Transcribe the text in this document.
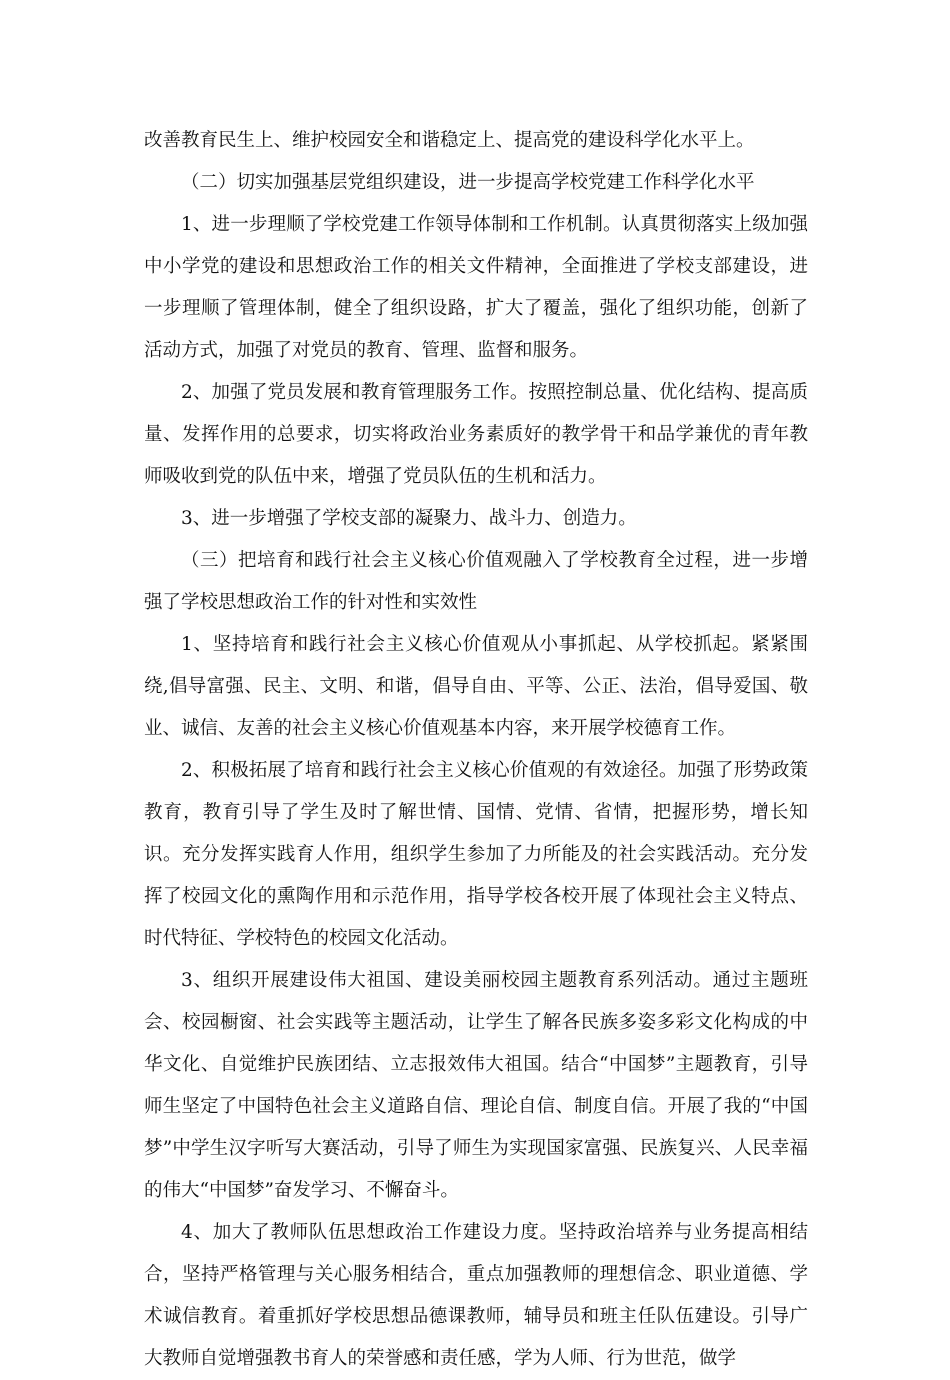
改善教育民生上、维护校园安全和谐稳定上、提高党的建设科学化水平上。

（二）切实加强基层党组织建设，进一步提高学校党建工作科学化水平

1、进一步理顺了学校党建工作领导体制和工作机制。认真贯彻落实上级加强中小学党的建设和思想政治工作的相关文件精神，全面推进了学校支部建设，进一步理顺了管理体制，健全了组织设路，扩大了覆盖，强化了组织功能，创新了活动方式，加强了对党员的教育、管理、监督和服务。

2、加强了党员发展和教育管理服务工作。按照控制总量、优化结构、提高质量、发挥作用的总要求，切实将政治业务素质好的教学骨干和品学兼优的青年教师吸收到党的队伍中来，增强了党员队伍的生机和活力。

3、进一步增强了学校支部的凝聚力、战斗力、创造力。

（三）把培育和践行社会主义核心价值观融入了学校教育全过程，进一步增强了学校思想政治工作的针对性和实效性

1、坚持培育和践行社会主义核心价值观从小事抓起、从学校抓起。紧紧围绕,倡导富强、民主、文明、和谐，倡导自由、平等、公正、法治，倡导爱国、敬业、诚信、友善的社会主义核心价值观基本内容，来开展学校德育工作。

2、积极拓展了培育和践行社会主义核心价值观的有效途径。加强了形势政策教育，教育引导了学生及时了解世情、国情、党情、省情，把握形势，增长知识。充分发挥实践育人作用，组织学生参加了力所能及的社会实践活动。充分发挥了校园文化的熏陶作用和示范作用，指导学校各校开展了体现社会主义特点、时代特征、学校特色的校园文化活动。

3、组织开展建设伟大祖国、建设美丽校园主题教育系列活动。通过主题班会、校园橱窗、社会实践等主题活动，让学生了解各民族多姿多彩文化构成的中华文化、自觉维护民族团结、立志报效伟大祖国。结合“中国梦”主题教育，引导师生坚定了中国特色社会主义道路自信、理论自信、制度自信。开展了我的“中国梦”中学生汉字听写大赛活动，引导了师生为实现国家富强、民族复兴、人民幸福的伟大“中国梦”奋发学习、不懈奋斗。

4、加大了教师队伍思想政治工作建设力度。坚持政治培养与业务提高相结合，坚持严格管理与关心服务相结合，重点加强教师的理想信念、职业道德、学术诚信教育。着重抓好学校思想品德课教师，辅导员和班主任队伍建设。引导广大教师自觉增强教书育人的荣誉感和责任感，学为人师、行为世范，做学
